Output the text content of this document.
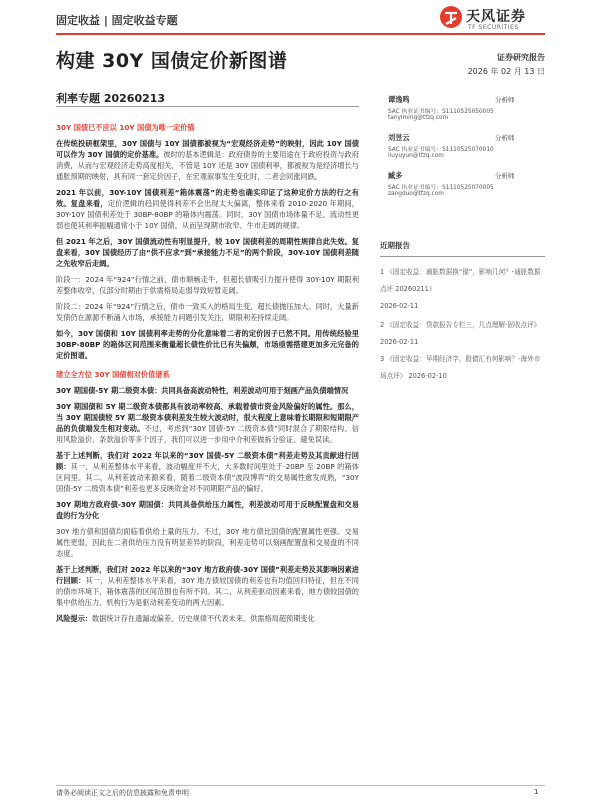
固定收益 | 固定收益专题	天风证券
TF SECURITIES
构建 30Y 国债定价新图谱	证券研究报告
2026 年 02 月 13 日
利率专题 20260213
30Y 国债已不应以 10Y 国债为唯一定价锚
在传统投研框架里，30Y 国债与 10Y 国债都被视为“宏观经济走势”的映射，因此 10Y 国债可以作为 30Y 国债的定价基准。彼时的基本逻辑是：政府债券的主要用途在于政府投资与政府消费，从而与宏观经济走势高度相关，不管是 10Y 还是 30Y 国债利率，都被视为是经济增长与通胀预期的映射，具有同一套定价因子，在宏观叙事发生变化时，二者会同涨同跌。
2021 年以前，30Y-10Y 国债利差“箱体震荡”的走势也确实印证了这种定价方法的行之有效。复盘来看，定价逻辑的趋同使得利差不会出现太大偏离，整体来看 2010-2020 年期间，30Y-10Y 国债利差处于 30BP-80BP 的箱体内震荡。同时，30Y 国债市场体量不足、流动性更弱也使其利率振幅通常小于 10Y 国债，从而呈现期市收窄、牛市走阔的规律。
但 2021 年之后，30Y 国债流动性有明显提升，较 10Y 国债利差的周期性规律自此失效。复盘来看，30Y 国债经历了由“供不应求”到“承接能力不足”的两个阶段，30Y-10Y 国债利差随之先收窄后走阔。
阶段一：2024 年“924”行情之前，债市顺畅走牛，但超长债吸引力提升使得 30Y-10Y 期限利差整体收窄，仅部分时期由于供需格局走弱导致短暂走阔。
阶段二：2024 年“924”行情之后，债市一致买入的格局生变，超长债抛压加大。同时，大量新发债仍在源源不断涌入市场，承接能力问题引发关注，期限利差持续走阔。
如今，30Y 国债和 10Y 国债利率走势的分化意味着二者的定价因子已然不同。用传统经验里 30BP-80BP 的箱体区间范围来衡量超长债性价比已有失偏颇，市场亟需搭建更加多元完备的定价图谱。
建立全方位 30Y 国债相对价值谱系
30Y 期国债-5Y 期二级资本债：共同具备高波动特性，利差波动可用于刻画产品负债端情况
30Y 期国债和 5Y 期二级资本债都具有波动率较高、承载着债市资金风险偏好的属性。那么，当 30Y 期国债较 5Y 期二级资本债利差发生较大波动时，很大程度上意味着长期限和短期限产品的负债端发生相对变动。不过，考虑到“30Y 国债-5Y 二级资本债”同时混合了期限结构、信用风险溢价、条款溢价等多个因子，我们可以进一步用中介利差做拆分验证、避免误读。
基于上述判断，我们对 2022 年以来的“30Y 国债-5Y 二级资本债”利差走势及其贡献进行回顾：其一，从利差整体水平来看，波动幅度并不大，大多数时间里处于-20BP 至 20BP 的箱体区间里。其二，从利差波动来源来看，随着二级资本债“波段博弈”的交易属性愈发成熟，“30Y 国债-5Y 二级资本债”利差也更多反映资金对不同期限产品的偏好。
30Y 期地方政府债-30Y 期国债：共同具备供给压力属性，利差波动可用于反映配置盘和交易盘的行为分化
30Y 地方债和国债均面临着供给上量的压力。不过，30Y 地方债比国债的配置属性更强、交易属性更弱，因此在二者供给压力没有明显差异的阶段，利差走势可以刻画配置盘和交易盘的不同态度。
基于上述判断，我们对 2022 年以来的“30Y 地方政府债-30Y 国债”利差走势及其影响因素进行回顾：其一，从利差整体水平来看，30Y 地方债较国债的利差也有均值回归特征，但在不同的债市环境下，箱体震荡的区间范围也有所不同。其二，从利差驱动因素来看，地方债较国债的集中供给压力、机构行为是驱动利差变动的两大因素。
风险提示：数据统计存在遗漏或偏差、历史规律不代表未来、供需格局超预期变化
谭逸鸣	分析师
SAC 执业证书编号：S1110525050005
tanyiming@tfzq.com
刘昱云	分析师
SAC 执业证书编号：S1110525070010
liuyuyun@tfzq.com
臧多	分析师
SAC 执业证书编号：S1110525070005
zangduo@tfzq.com
近期报告
1 《固定收益：通胀数据换“锚”，影响几何？-通胀数据点评 20260211》
2026-02-11
2 《固定收益：贷款报告专栏三，几点理解-固收点评》 2026-02-11
3 《固定收益：早期经济学，股债汇有何影响？-海外市场点评》 2026-02-10
请务必阅读正文之后的信息披露和免责申明	1
